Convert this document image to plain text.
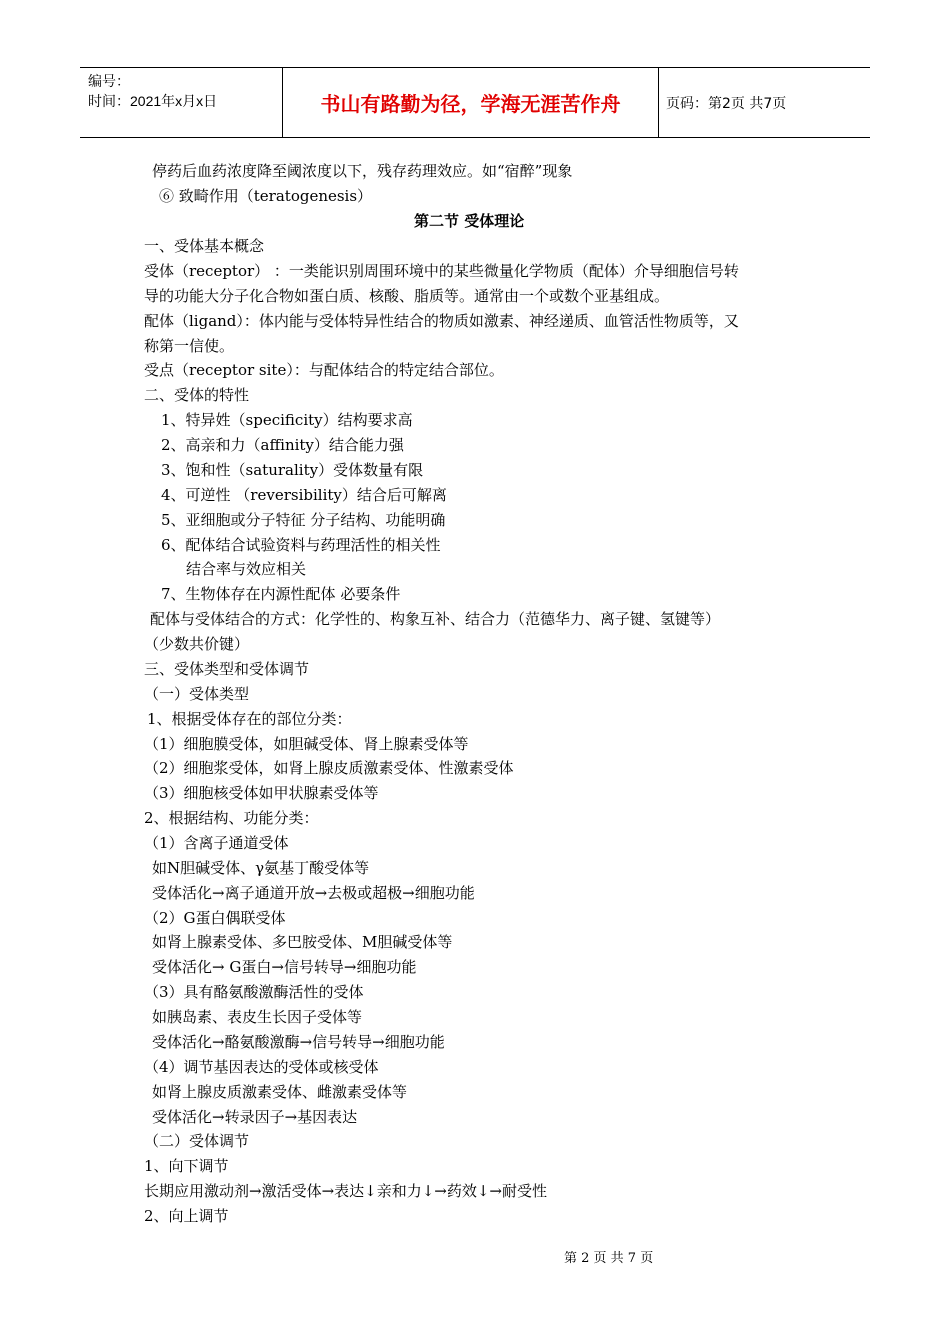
编号：
时间：2021年x月x日	书山有路勤为径，学海无涯苦作舟	页码：第2页 共7页
停药后血药浓度降至阈浓度以下，残存药理效应。如“宿醉”现象
⑥ 致畸作用（teratogenesis）
第二节 受体理论
一、受体基本概念
受体（receptor） ：一类能识别周围环境中的某些微量化学物质（配体）介导细胞信号转
导的功能大分子化合物如蛋白质、核酸、脂质等。通常由一个或数个亚基组成。
配体（ligand）：体内能与受体特异性结合的物质如激素、神经递质、血管活性物质等，又
称第一信使。
受点（receptor site）：与配体结合的特定结合部位。
二、受体的特性
1、特异姓（specificity）结构要求高
2、高亲和力（affinity）结合能力强
3、饱和性（saturality）受体数量有限
4、可逆性 （reversibility）结合后可解离
5、亚细胞或分子特征 分子结构、功能明确
6、配体结合试验资料与药理活性的相关性
结合率与效应相关
7、生物体存在内源性配体 必要条件
配体与受体结合的方式：化学性的、构象互补、结合力（范德华力、离子键、氢键等）
（少数共价键）
三、受体类型和受体调节
（一）受体类型
1、根据受体存在的部位分类：
（1）细胞膜受体，如胆碱受体、肾上腺素受体等
（2）细胞浆受体，如肾上腺皮质激素受体、性激素受体
（3）细胞核受体如甲状腺素受体等
2、根据结构、功能分类：
（1）含离子通道受体
如N胆碱受体、γ氨基丁酸受体等
受体活化→离子通道开放→去极或超极→细胞功能
（2）G蛋白偶联受体
如肾上腺素受体、多巴胺受体、M胆碱受体等
受体活化→ G蛋白→信号转导→细胞功能
（3）具有酪氨酸激酶活性的受体
如胰岛素、表皮生长因子受体等
受体活化→酪氨酸激酶→信号转导→细胞功能
（4）调节基因表达的受体或核受体
如肾上腺皮质激素受体、雌激素受体等
受体活化→转录因子→基因表达
（二）受体调节
1、向下调节
长期应用激动剂→激活受体→表达↓亲和力↓→药效↓→耐受性
2、向上调节
第 2 页 共 7 页
